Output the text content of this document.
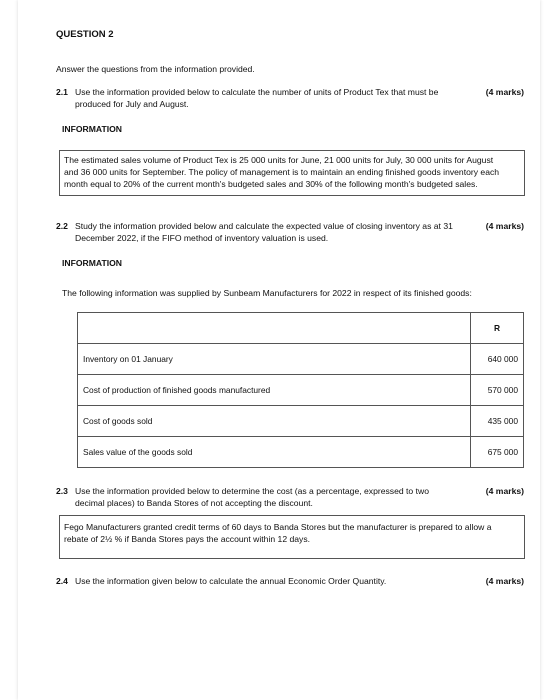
QUESTION 2
Answer the questions from the information provided.
2.1 Use the information provided below to calculate the number of units of Product Tex that must be
produced for July and August.
(4 marks)
INFORMATION
The estimated sales volume of Product Tex is 25 000 units for June, 21 000 units for July, 30 000 units for August
and 36 000 units for September. The policy of management is to maintain an ending finished goods inventory each
month equal to 20% of the current month's budgeted sales and 30% of the following month's budgeted sales.
2.2 Study the information provided below and calculate the expected value of closing inventory as at 31
December 2022, if the FIFO method of inventory valuation is used.
(4 marks)
INFORMATION
The following information was supplied by Sunbeam Manufacturers for 2022 in respect of its finished goods:
	R
Inventory on 01 January	640 000
Cost of production of finished goods manufactured	570 000
Cost of goods sold	435 000
Sales value of the goods sold	675 000
2.3 Use the information provided below to determine the cost (as a percentage, expressed to two
decimal places) to Banda Stores of not accepting the discount.
(4 marks)
Fego Manufacturers granted credit terms of 60 days to Banda Stores but the manufacturer is prepared to allow a
rebate of 2½ % if Banda Stores pays the account within 12 days.
2.4 Use the information given below to calculate the annual Economic Order Quantity.	(4 marks)
